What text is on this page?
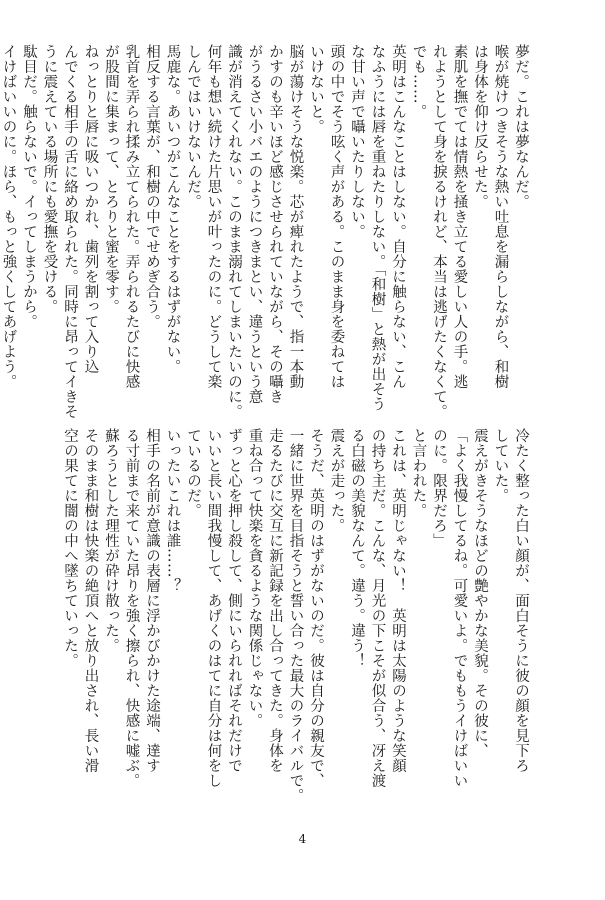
夢だ。これは夢なんだ。

喉が焼けつきそうな熱い吐息を漏らしながら、和樹

は身体を仰け反らせた。

素肌を撫でては情熱を掻き立てる愛しい人の手。逃

れようとして身を捩るけれど、本当は逃げたくなくて。

でも……。

英明はこんなことはしない。自分に触らない、こん

なふうには唇を重ねたりしない。「和樹」と熱が出そう

な甘い声で囁いたりしない。

頭の中でそう呟く声がある。このまま身を委ねては

いけないと。

脳が蕩けそうな悦楽。芯が痺れたようで、指一本動

かすのも辛いほど感じさせられていながら、その囁き

がうるさい小バエのようにつきまとい、違うという意

識が消えてくれない。このまま溺れてしまいたいのに。

何年も想い続けた片思いが叶ったのに。どうして楽

しんではいけないんだ。

馬鹿な。あいつがこんなことをするはずがない。

相反する言葉が、和樹の中でせめぎ合う。

乳首を弄られ揉み立てられた。弄られるたびに快感

が股間に集まって、とろりと蜜を零す。

ねっとりと唇に吸いつかれ、歯列を割って入り込

んでくる相手の舌に絡め取られた。同時に昂ってイきそ

うに震えている場所にも愛撫を受ける。

駄目だ。触らないで。イってしまうから。

イけばいいのに。ほら、もっと強くしてあげよう。

冷たく整った白い顔が、面白そうに彼の顔を見下ろ

していた。

震えがきそうなほどの艶やかな美貌。その彼に、

「よく我慢してるね。可愛いよ。でももうイけばいい

のに。限界だろ」

と言われた。

これは、英明じゃない！　英明は太陽のような笑顔

の持ち主だ。こんな、月光の下こそが似合う、冴え渡

る白磁の美貌なんて。違う。違う！

震えが走った。

そうだ、英明のはずがないのだ。彼は自分の親友で、

一緒に世界を目指そうと誓い合った最大のライバルで。

走るたびに交互に新記録を出し合ってきた。身体を

重ね合って快楽を貪るような関係じゃない。

ずっと心を押し殺して、側にいられればそれだけで

いいと長い間我慢して、あげくのはてに自分は何をし

ているのだ。

いったいこれは誰……？

相手の名前が意識の表層に浮かびかけた途端、達す

る寸前まで来ていた昂りを強く擦られ、快感に嘘ぶ。

蘇ろうとした理性が砕け散った。

そのまま和樹は快楽の絶頂へと放り出され、長い滑

空の果てに闇の中へ墜ちていった。

4
